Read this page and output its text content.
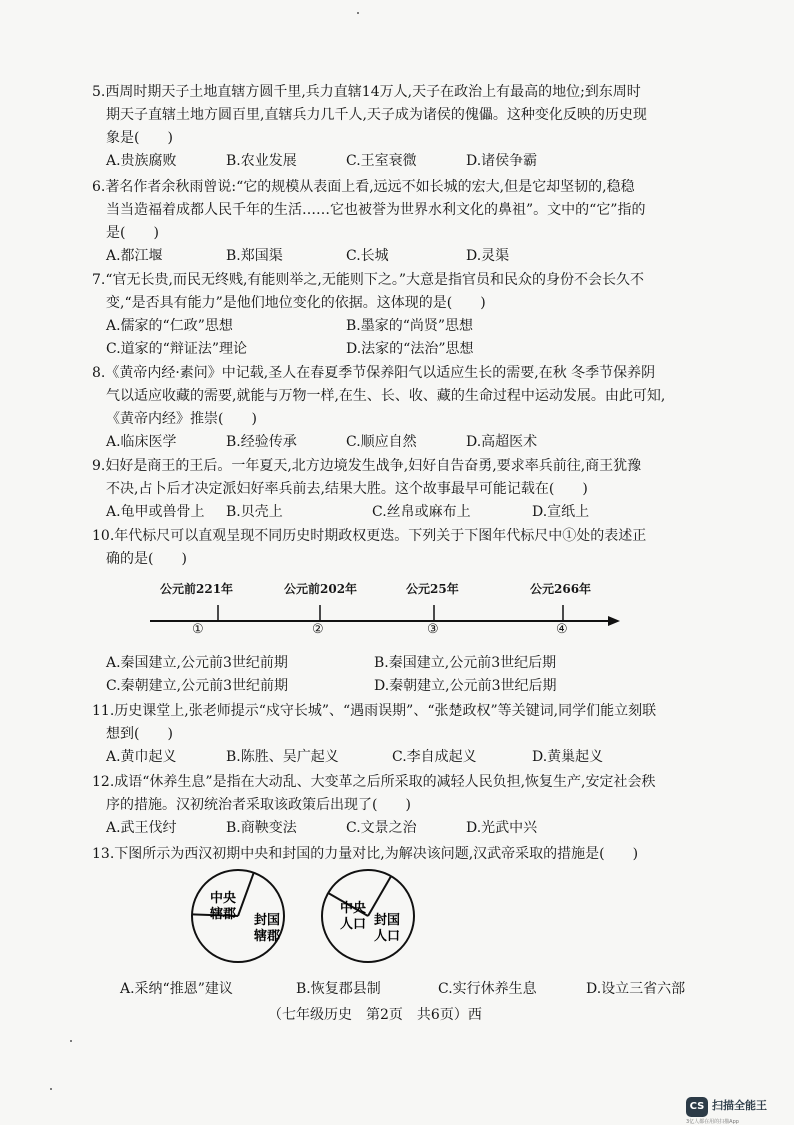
5.西周时期天子土地直辖方圆千里,兵力直辖14万人,天子在政治上有最高的地位;到东周时
期天子直辖土地方圆百里,直辖兵力几千人,天子成为诸侯的傀儡。这种变化反映的历史现
象是(　　)
A.贵族腐败	B.农业发展	C.王室衰微	D.诸侯争霸
6.著名作者余秋雨曾说:“它的规模从表面上看,远远不如长城的宏大,但是它却坚韧的,稳稳
当当造福着成都人民千年的生活……它也被誉为世界水利文化的鼻祖”。文中的“它”指的
是(　　)
A.都江堰	B.郑国渠	C.长城	D.灵渠
7.“官无长贵,而民无终贱,有能则举之,无能则下之。”大意是指官员和民众的身份不会长久不
变,“是否具有能力”是他们地位变化的依据。这体现的是(　　)
A.儒家的“仁政”思想	B.墨家的“尚贤”思想
C.道家的“辩证法”理论	D.法家的“法治”思想
8.《黄帝内经·素问》中记载,圣人在春夏季节保养阳气以适应生长的需要,在秋 冬季节保养阴
气以适应收藏的需要,就能与万物一样,在生、长、收、藏的生命过程中运动发展。由此可知,
《黄帝内经》推崇(　　)
A.临床医学	B.经验传承	C.顺应自然	D.高超医术
9.妇好是商王的王后。一年夏天,北方边境发生战争,妇好自告奋勇,要求率兵前往,商王犹豫
不决,占卜后才决定派妇好率兵前去,结果大胜。这个故事最早可能记载在(　　)
A.龟甲或兽骨上 B.贝壳上	C.丝帛或麻布上	D.宣纸上
10.年代标尺可以直观呈现不同历史时期政权更迭。下列关于下图年代标尺中①处的表述正
确的是(　　)
公元前221年	公元前202年	公元25年	公元266年
①	②	③	④
A.秦国建立,公元前3世纪前期	B.秦国建立,公元前3世纪后期
C.秦朝建立,公元前3世纪前期	D.秦朝建立,公元前3世纪后期
11.历史课堂上,张老师提示“戍守长城”、“遇雨误期”、“张楚政权”等关键词,同学们能立刻联
想到(　　)
A.黄巾起义	B.陈胜、吴广起义	C.李自成起义	D.黄巢起义
12.成语“休养生息”是指在大动乱、大变革之后所采取的减轻人民负担,恢复生产,安定社会秩
序的措施。汉初统治者采取该政策后出现了(　　)
A.武王伐纣	B.商鞅变法	C.文景之治	D.光武中兴
13.下图所示为西汉初期中央和封国的力量对比,为解决该问题,汉武帝采取的措施是(　　)
中央
辖郡 封国
辖郡
中央
人口 封国
人口
A.采纳“推恩”建议	B.恢复郡县制	C.实行休养生息	D.设立三省六部
（七年级历史　第2页　共6页）西
CS 扫描全能王
3亿人都在用的扫描App
